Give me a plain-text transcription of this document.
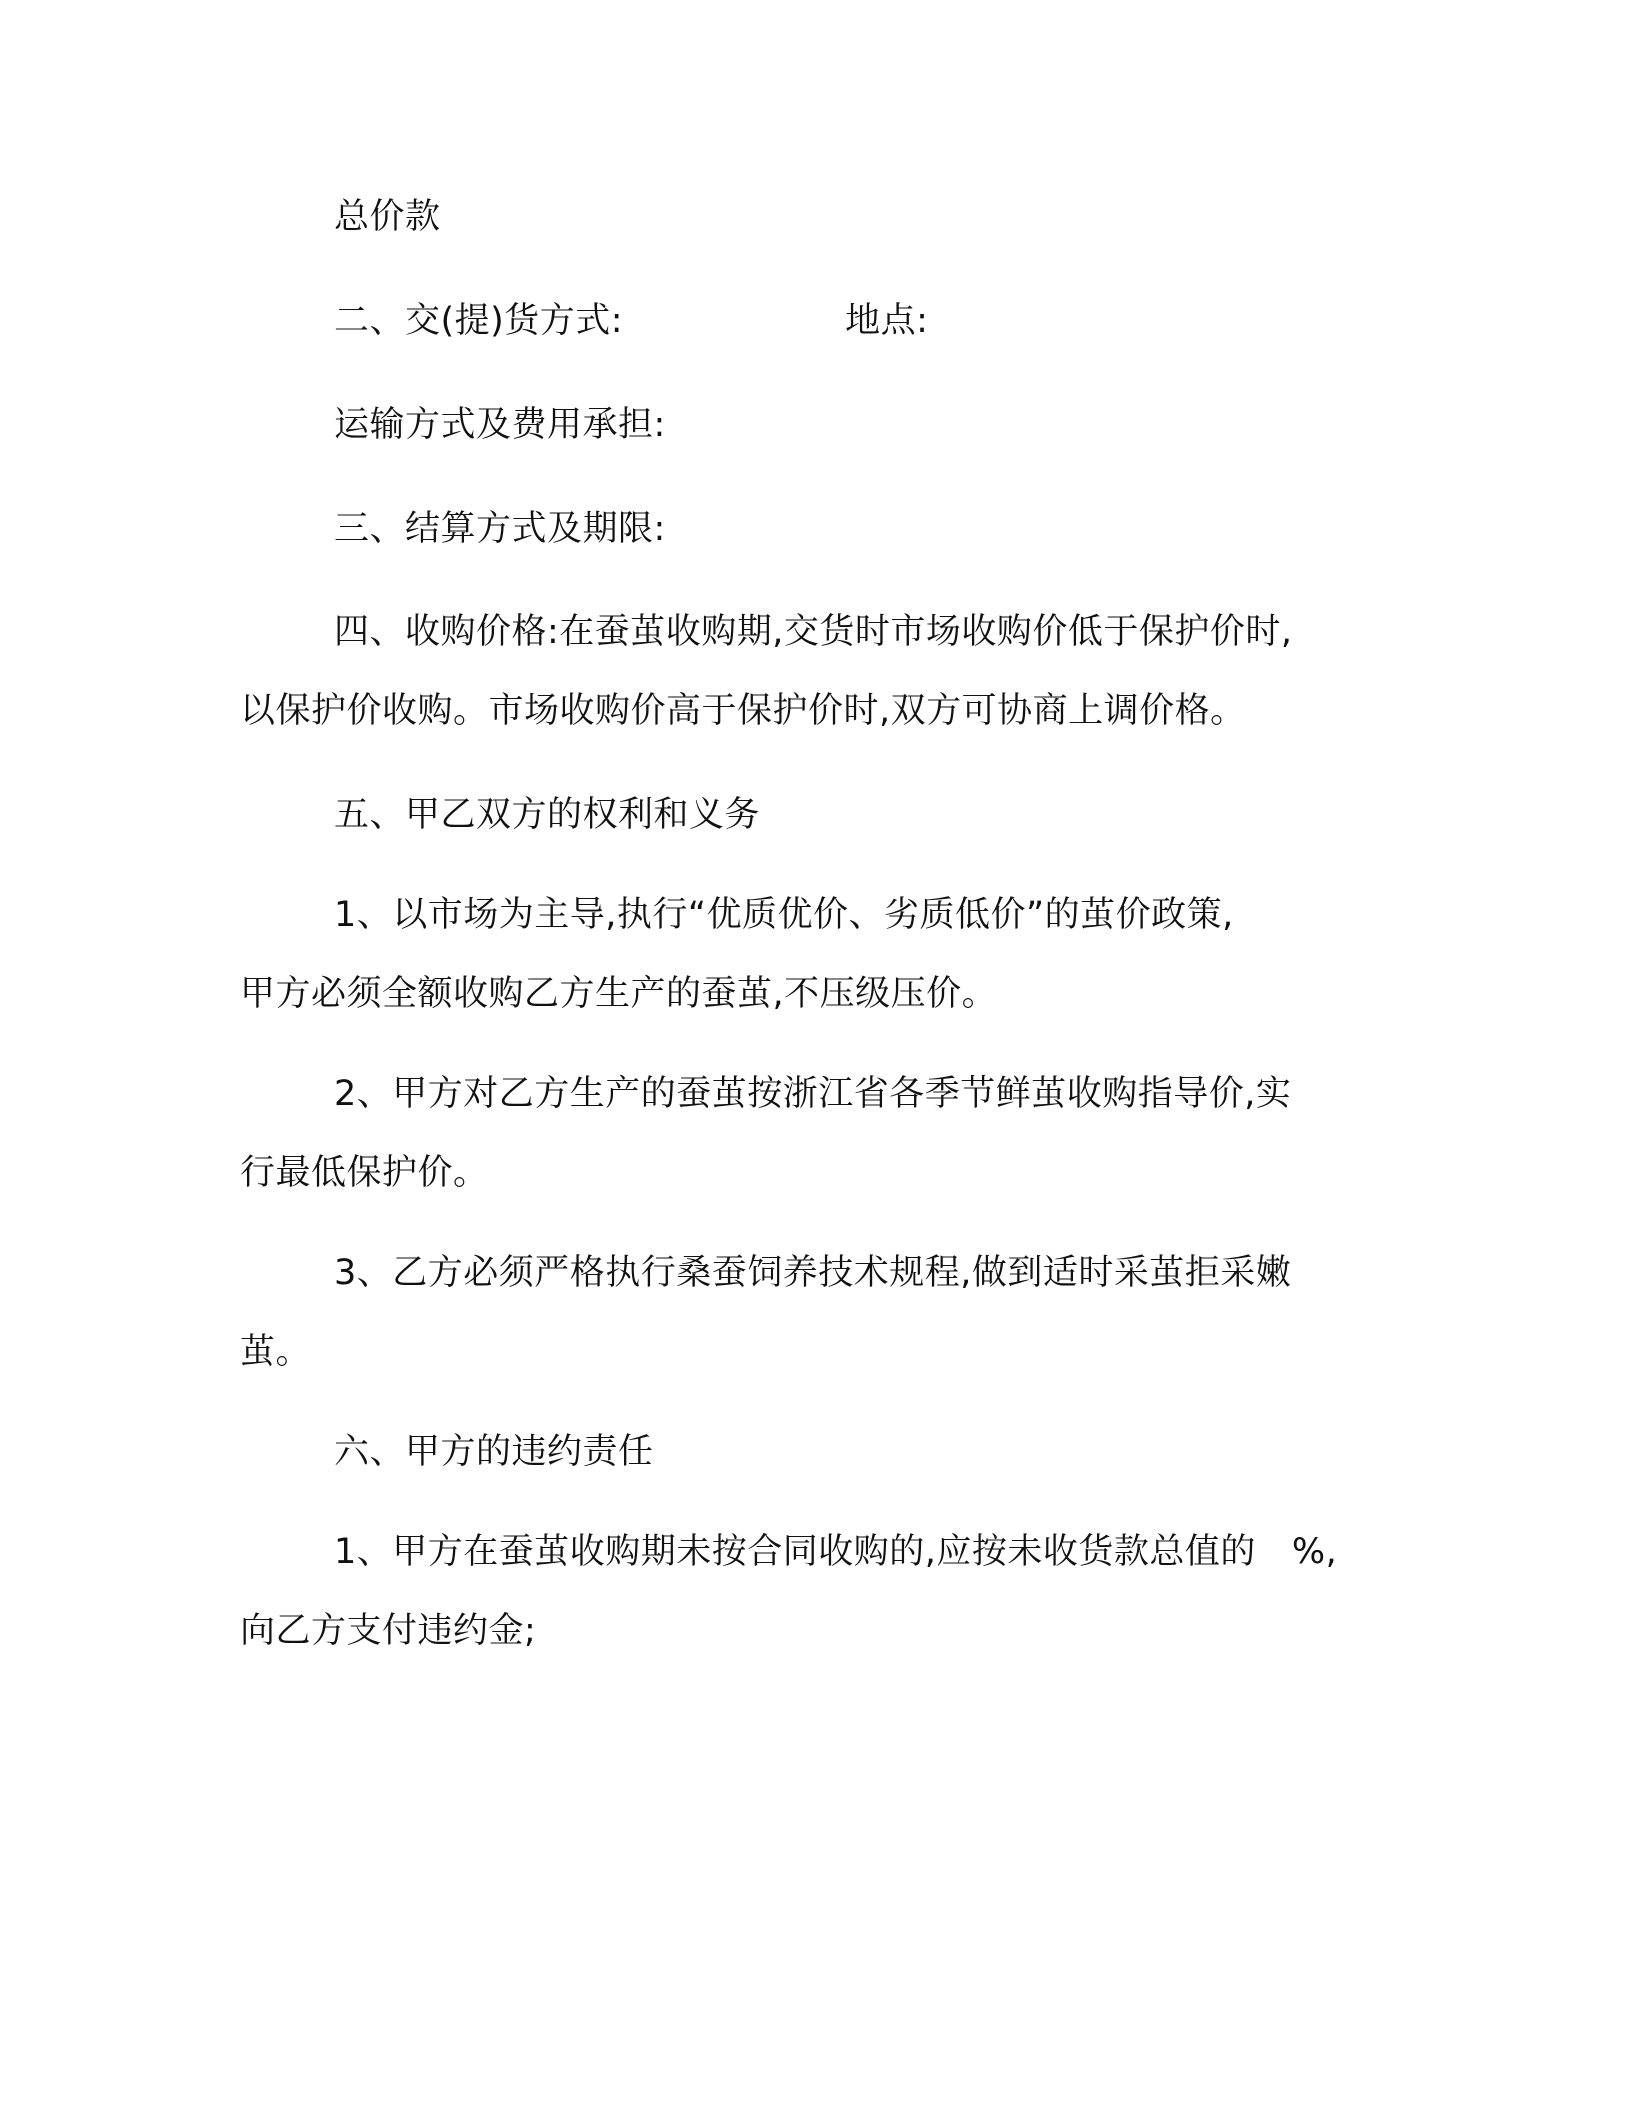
总价款
二、交(提)货方式:	地点:
运输方式及费用承担:
三、结算方式及期限:
四、收购价格:在蚕茧收购期,交货时市场收购价低于保护价时,
以保护价收购。市场收购价高于保护价时,双方可协商上调价格。
五、甲乙双方的权利和义务
1、以市场为主导,执行“优质优价、劣质低价”的茧价政策,
甲方必须全额收购乙方生产的蚕茧,不压级压价。
2、甲方对乙方生产的蚕茧按浙江省各季节鲜茧收购指导价,实
行最低保护价。
3、乙方必须严格执行桑蚕饲养技术规程,做到适时采茧拒采嫩
茧。
六、甲方的违约责任
1、甲方在蚕茧收购期未按合同收购的,应按未收货款总值的 %,
向乙方支付违约金;
